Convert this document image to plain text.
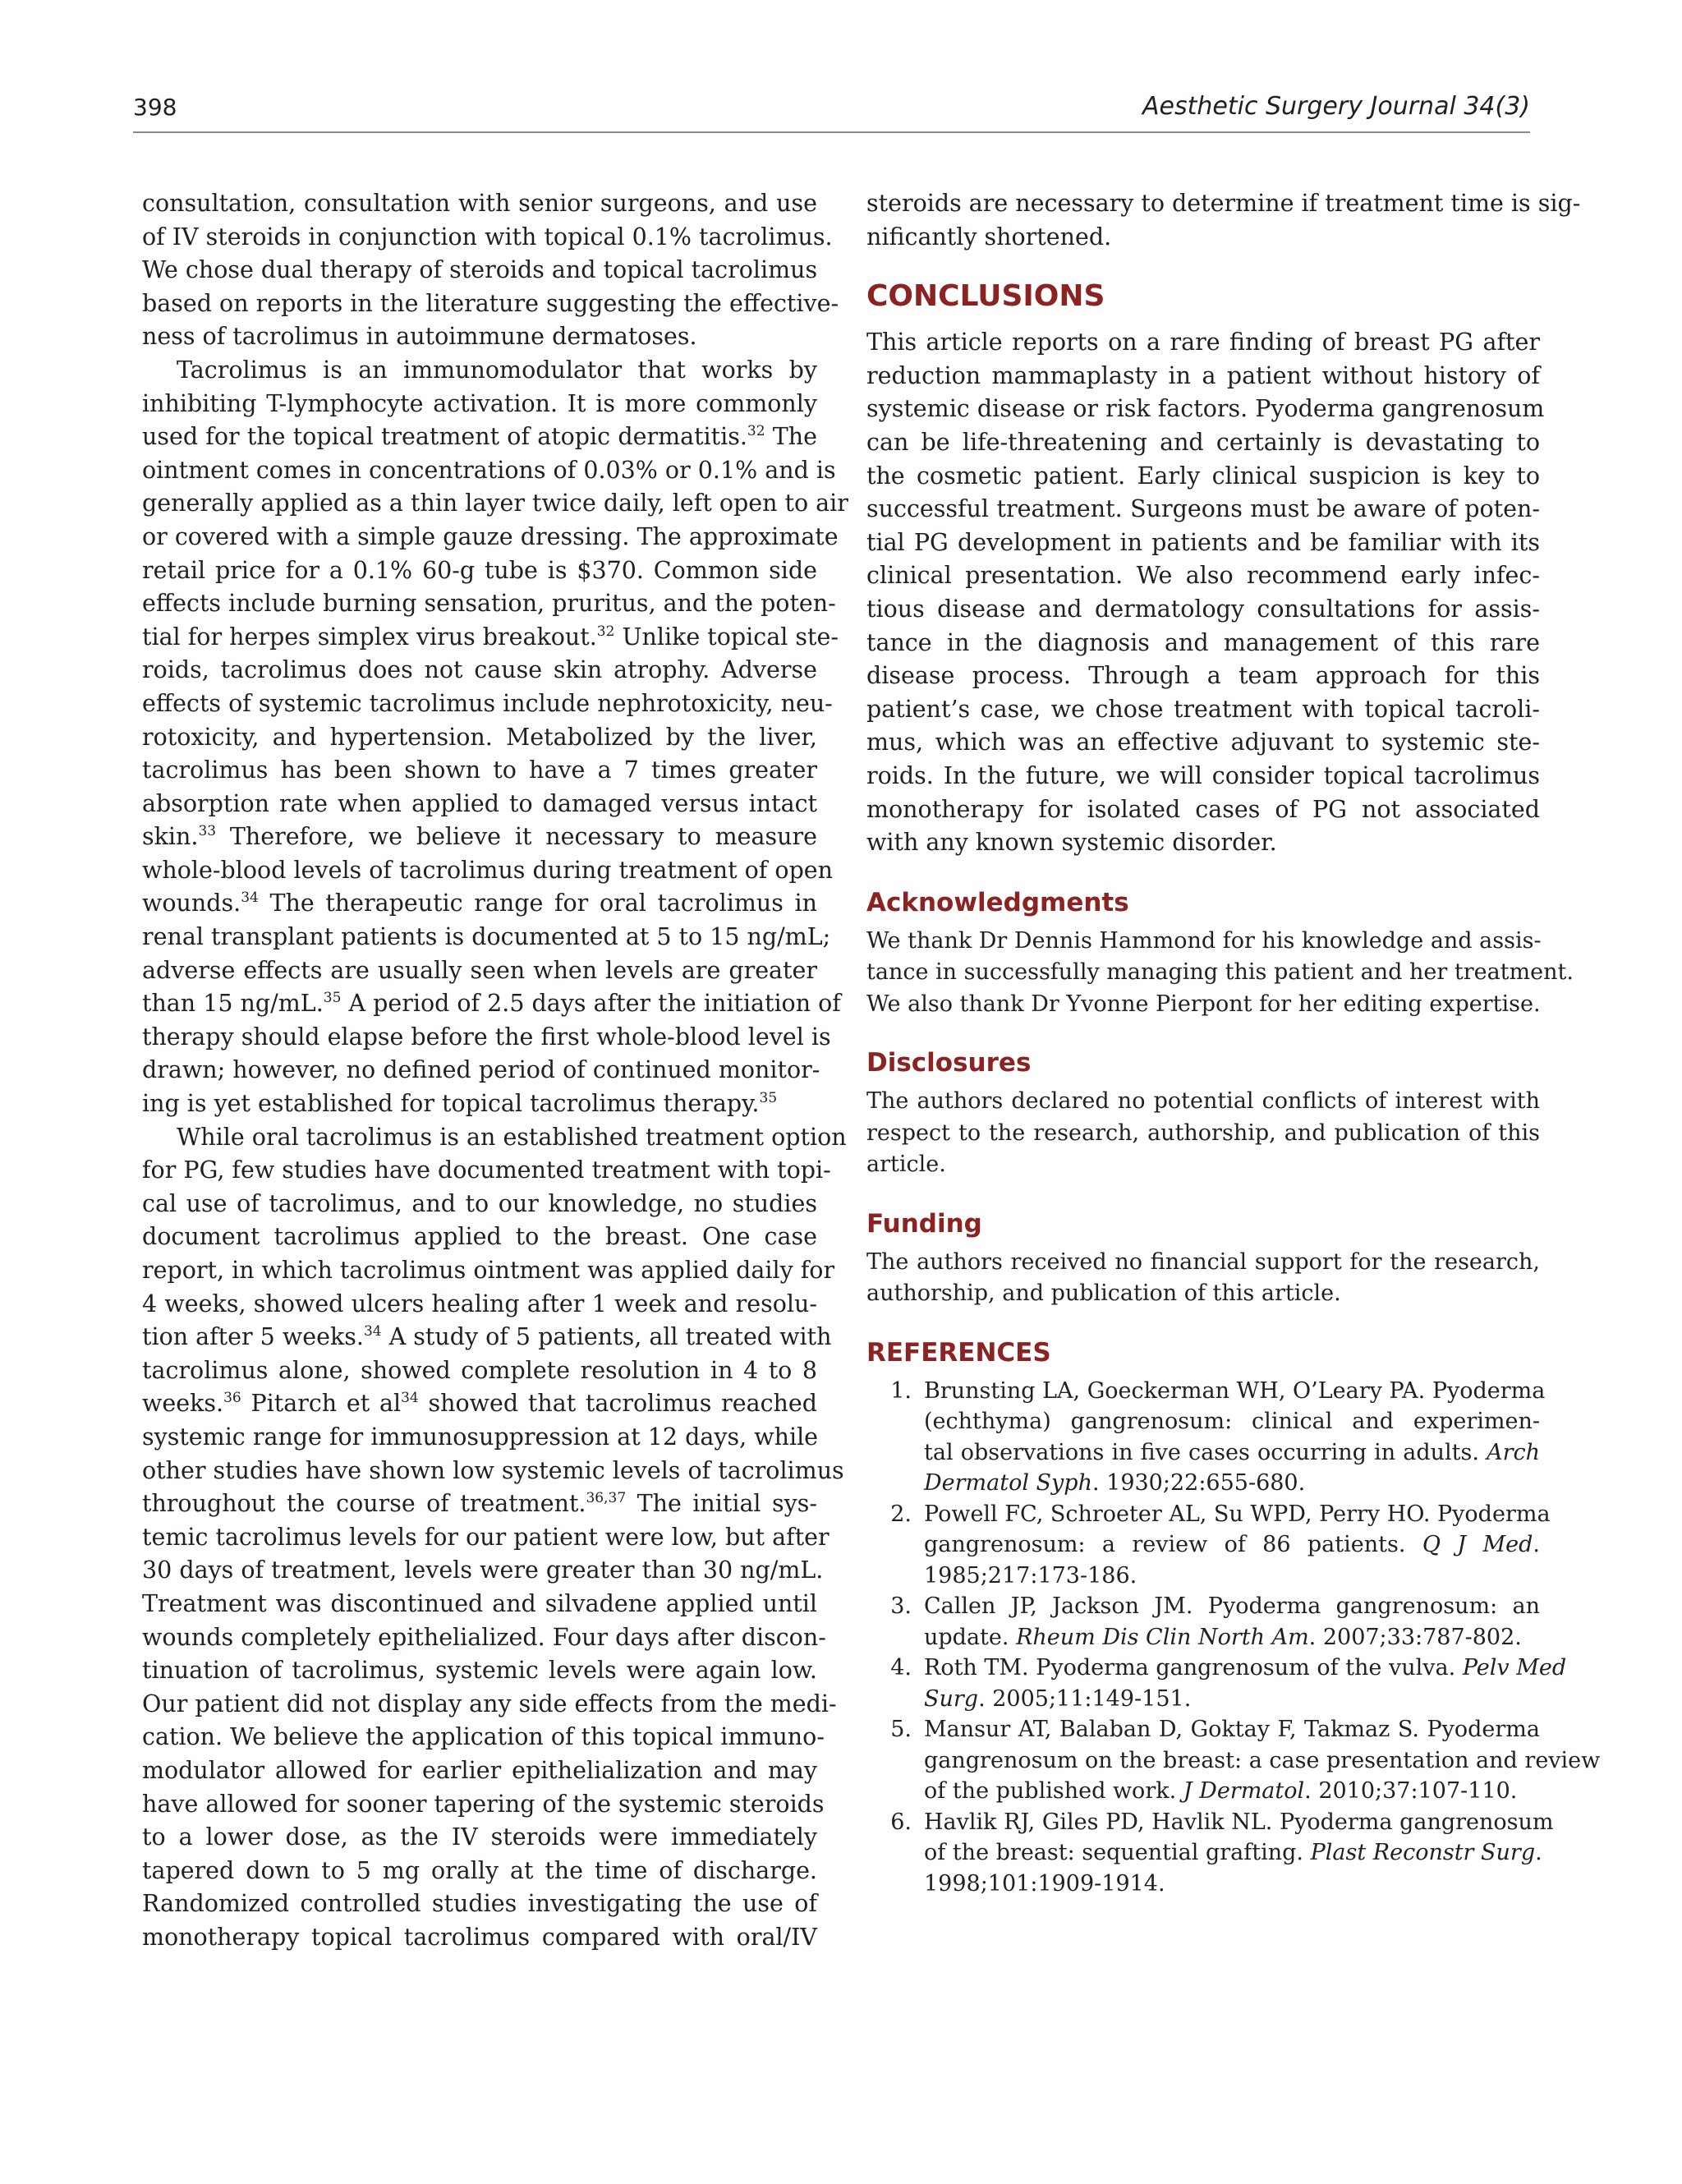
398	Aesthetic Surgery Journal 34(3)
consultation, consultation with senior surgeons, and use
of IV steroids in conjunction with topical 0.1% tacrolimus.
We chose dual therapy of steroids and topical tacrolimus
based on reports in the literature suggesting the effective-
ness of tacrolimus in autoimmune dermatoses.
Tacrolimus is an immunomodulator that works by
inhibiting T-lymphocyte activation. It is more commonly
used for the topical treatment of atopic dermatitis.$^{32}$ The
ointment comes in concentrations of 0.03% or 0.1% and is
generally applied as a thin layer twice daily, left open to air
or covered with a simple gauze dressing. The approximate
retail price for a 0.1% 60-g tube is $370. Common side
effects include burning sensation, pruritus, and the poten-
tial for herpes simplex virus breakout.$^{32}$ Unlike topical ste-
roids, tacrolimus does not cause skin atrophy. Adverse
effects of systemic tacrolimus include nephrotoxicity, neu-
rotoxicity, and hypertension. Metabolized by the liver,
tacrolimus has been shown to have a 7 times greater
absorption rate when applied to damaged versus intact
skin.$^{33}$ Therefore, we believe it necessary to measure
whole-blood levels of tacrolimus during treatment of open
wounds.$^{34}$ The therapeutic range for oral tacrolimus in
renal transplant patients is documented at 5 to 15 ng/mL;
adverse effects are usually seen when levels are greater
than 15 ng/mL.$^{35}$ A period of 2.5 days after the initiation of
therapy should elapse before the first whole-blood level is
drawn; however, no defined period of continued monitor-
ing is yet established for topical tacrolimus therapy.$^{35}$
While oral tacrolimus is an established treatment option
for PG, few studies have documented treatment with topi-
cal use of tacrolimus, and to our knowledge, no studies
document tacrolimus applied to the breast. One case
report, in which tacrolimus ointment was applied daily for
4 weeks, showed ulcers healing after 1 week and resolu-
tion after 5 weeks.$^{34}$ A study of 5 patients, all treated with
tacrolimus alone, showed complete resolution in 4 to 8
weeks.$^{36}$ Pitarch et $al^{34}$ showed that tacrolimus reached
systemic range for immunosuppression at 12 days, while
other studies have shown low systemic levels of tacrolimus
throughout the course of treatment.$^{36,37}$ The initial sys-
temic tacrolimus levels for our patient were low, but after
30 days of treatment, levels were greater than 30 ng/mL.
Treatment was discontinued and silvadene applied until
wounds completely epithelialized. Four days after discon-
tinuation of tacrolimus, systemic levels were again low.
Our patient did not display any side effects from the medi-
cation. We believe the application of this topical immuno-
modulator allowed for earlier epithelialization and may
have allowed for sooner tapering of the systemic steroids
to a lower dose, as the IV steroids were immediately
tapered down to 5 mg orally at the time of discharge.
Randomized controlled studies investigating the use of
monotherapy topical tacrolimus compared with oral/IV
steroids are necessary to determine if treatment time is sig-
nificantly shortened.
CONCLUSIONS
This article reports on a rare finding of breast PG after
reduction mammaplasty in a patient without history of
systemic disease or risk factors. Pyoderma gangrenosum
can be life-threatening and certainly is devastating to
the cosmetic patient. Early clinical suspicion is key to
successful treatment. Surgeons must be aware of poten-
tial PG development in patients and be familiar with its
clinical presentation. We also recommend early infec-
tious disease and dermatology consultations for assis-
tance in the diagnosis and management of this rare
disease process. Through a team approach for this
patient’s case, we chose treatment with topical tacroli-
mus, which was an effective adjuvant to systemic ste-
roids. In the future, we will consider topical tacrolimus
monotherapy for isolated cases of PG not associated
with any known systemic disorder.
Acknowledgments
We thank Dr Dennis Hammond for his knowledge and assis-
tance in successfully managing this patient and her treatment.
We also thank Dr Yvonne Pierpont for her editing expertise.
Disclosures
The authors declared no potential conflicts of interest with
respect to the research, authorship, and publication of this
article.
Funding
The authors received no financial support for the research,
authorship, and publication of this article.
REFERENCES
1. Brunsting LA, Goeckerman WH, O’Leary PA. Pyoderma
(echthyma) gangrenosum: clinical and experimen-
tal observations in five cases occurring in adults. Arch
Dermatol Syph. 1930;22:655-680.
2. Powell FC, Schroeter AL, Su WPD, Perry HO. Pyoderma
gangrenosum: a review of 86 patients. Q J Med.
1985;217:173-186.
3. Callen JP, Jackson JM. Pyoderma gangrenosum: an
update. Rheum Dis Clin North Am. 2007;33:787-802.
4. Roth TM. Pyoderma gangrenosum of the vulva. Pelv Med
Surg. 2005;11:149-151.
5. Mansur AT, Balaban D, Goktay F, Takmaz S. Pyoderma
gangrenosum on the breast: a case presentation and review
of the published work. J Dermatol. 2010;37:107-110.
6. Havlik RJ, Giles PD, Havlik NL. Pyoderma gangrenosum
of the breast: sequential grafting. Plast Reconstr Surg.
1998;101:1909-1914.
